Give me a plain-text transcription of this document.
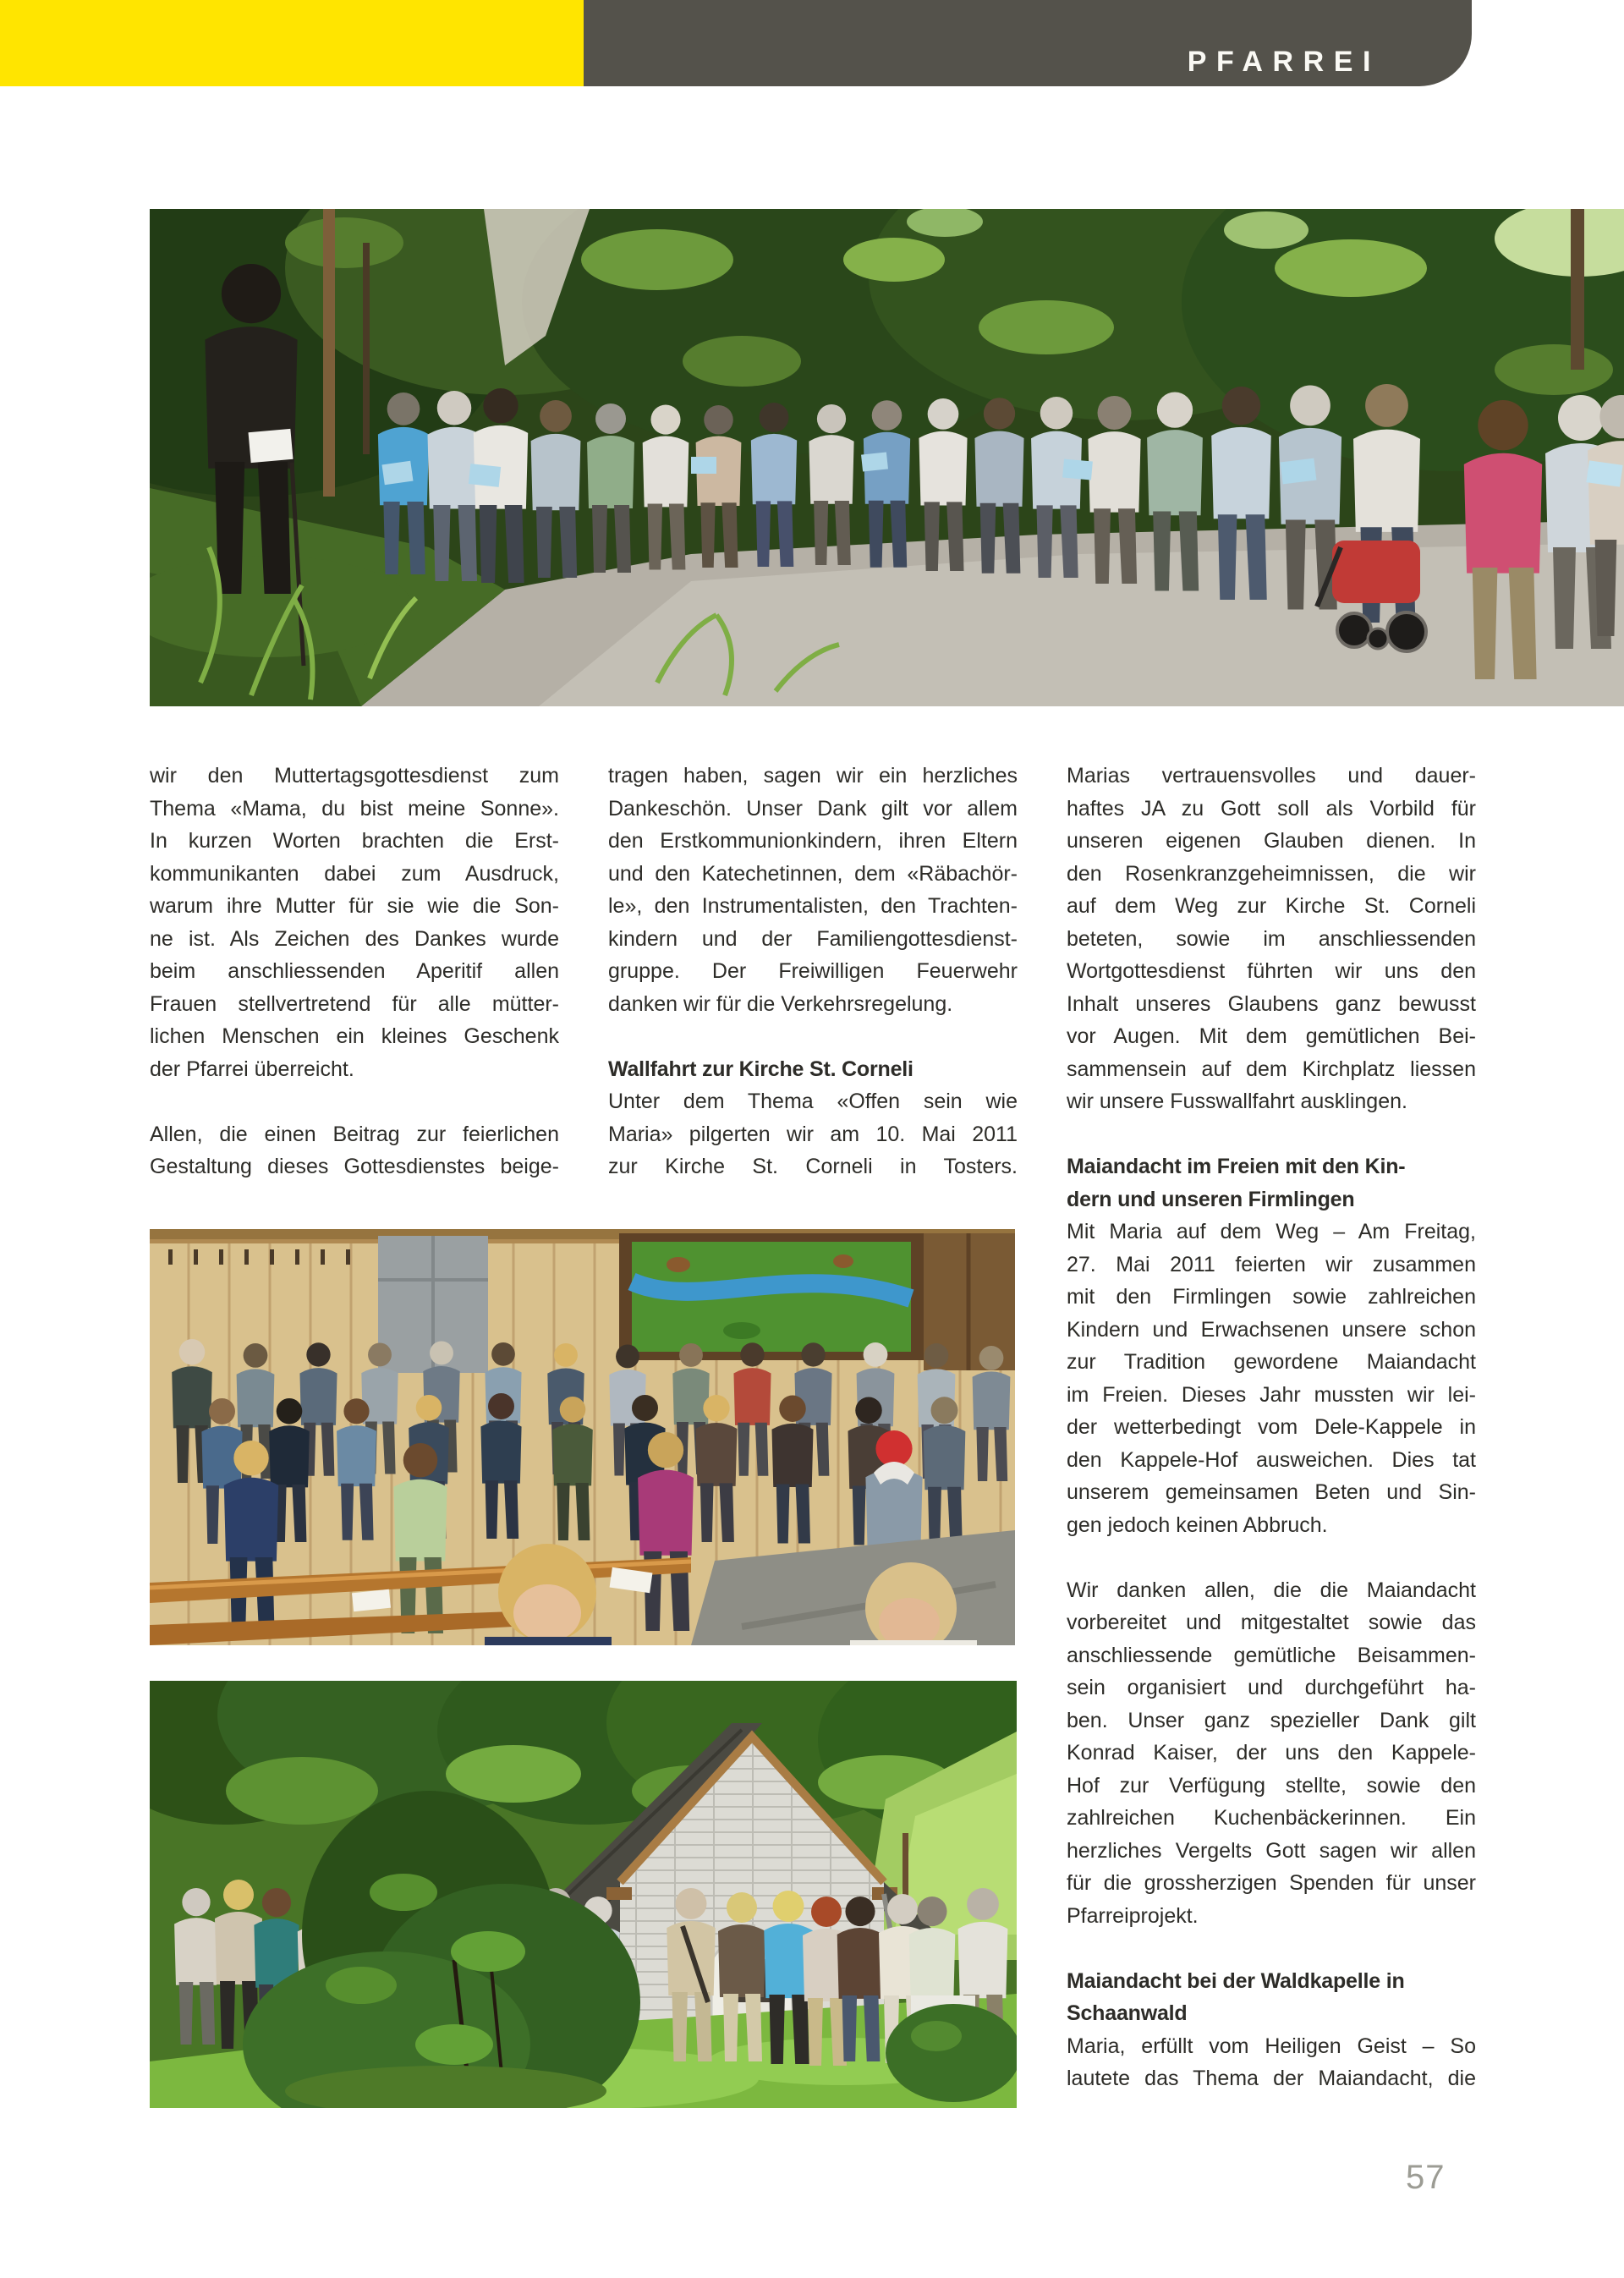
PFARREI
wir den Muttertagsgottesdienst zum
Thema «Mama, du bist meine Sonne».
In kurzen Worten brachten die Erst-
kommunikanten dabei zum Ausdruck,
warum ihre Mutter für sie wie die Son-
ne ist. Als Zeichen des Dankes wurde
beim anschliessenden Aperitif allen
Frauen stellvertretend für alle mütter-
lichen Menschen ein kleines Geschenk
der Pfarrei überreicht.
Allen, die einen Beitrag zur feierlichen
Gestaltung dieses Gottesdienstes beige-
tragen haben, sagen wir ein herzliches
Dankeschön. Unser Dank gilt vor allem
den Erstkommunionkindern, ihren Eltern
und den Katechetinnen, dem «Räbachör-
le», den Instrumentalisten, den Trachten-
kindern und der Familiengottesdienst-
gruppe. Der Freiwilligen Feuerwehr
danken wir für die Verkehrsregelung.
Wallfahrt zur Kirche St. Corneli
Unter dem Thema «Offen sein wie
Maria» pilgerten wir am 10. Mai 2011
zur Kirche St. Corneli in Tosters.
Marias vertrauensvolles und dauer-
haftes JA zu Gott soll als Vorbild für
unseren eigenen Glauben dienen. In
den Rosenkranzgeheimnissen, die wir
auf dem Weg zur Kirche St. Corneli
beteten, sowie im anschliessenden
Wortgottesdienst führten wir uns den
Inhalt unseres Glaubens ganz bewusst
vor Augen. Mit dem gemütlichen Bei-
sammensein auf dem Kirchplatz liessen
wir unsere Fusswallfahrt ausklingen.
Maiandacht im Freien mit den Kin-
dern und unseren Firmlingen
Mit Maria auf dem Weg – Am Freitag,
27. Mai 2011 feierten wir zusammen
mit den Firmlingen sowie zahlreichen
Kindern und Erwachsenen unsere schon
zur Tradition gewordene Maiandacht
im Freien. Dieses Jahr mussten wir lei-
der wetterbedingt vom Dele-Kappele in
den Kappele-Hof ausweichen. Dies tat
unserem gemeinsamen Beten und Sin-
gen jedoch keinen Abbruch.
Wir danken allen, die die Maiandacht
vorbereitet und mitgestaltet sowie das
anschliessende gemütliche Beisammen-
sein organisiert und durchgeführt ha-
ben. Unser ganz spezieller Dank gilt
Konrad Kaiser, der uns den Kappele-
Hof zur Verfügung stellte, sowie den
zahlreichen Kuchenbäckerinnen. Ein
herzliches Vergelts Gott sagen wir allen
für die grossherzigen Spenden für unser
Pfarreiprojekt.
Maiandacht bei der Waldkapelle in
Schaanwald
Maria, erfüllt vom Heiligen Geist – So
lautete das Thema der Maiandacht, die
57
